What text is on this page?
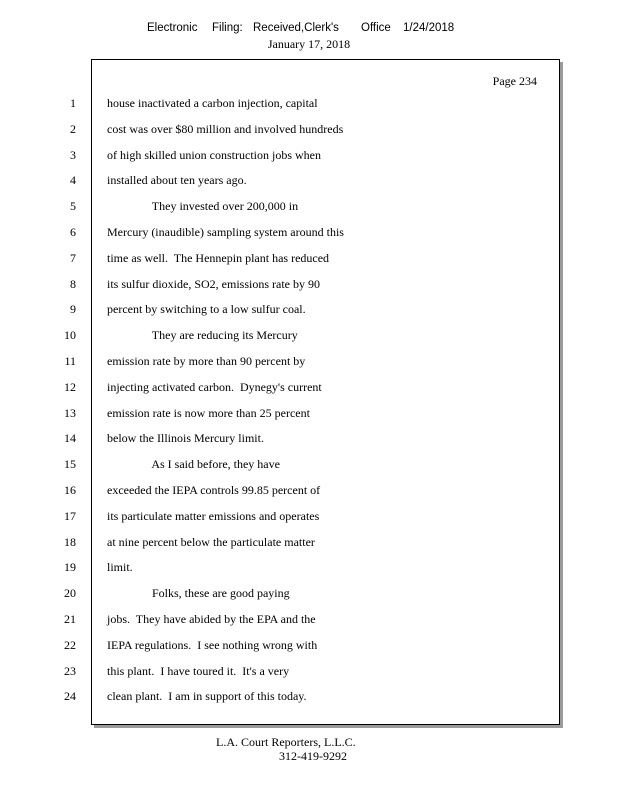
Electronic Filing: Received,Clerk's Office 1/24/2018
January 17, 2018
Page 234
1	house inactivated a carbon injection, capital
2	cost was over $80 million and involved hundreds
3	of high skilled union construction jobs when
4	installed about ten years ago.
5	They invested over 200,000 in
6	Mercury (inaudible) sampling system around this
7	time as well.  The Hennepin plant has reduced
8	its sulfur dioxide, SO2, emissions rate by 90
9	percent by switching to a low sulfur coal.
10	They are reducing its Mercury
11	emission rate by more than 90 percent by
12	injecting activated carbon.  Dynegy's current
13	emission rate is now more than 25 percent
14	below the Illinois Mercury limit.
15	As I said before, they have
16	exceeded the IEPA controls 99.85 percent of
17	its particulate matter emissions and operates
18	at nine percent below the particulate matter
19	limit.
20	Folks, these are good paying
21	jobs.  They have abided by the EPA and the
22	IEPA regulations.  I see nothing wrong with
23	this plant.  I have toured it.  It's a very
24	clean plant.  I am in support of this today.
L.A. Court Reporters, L.L.C.
312-419-9292
